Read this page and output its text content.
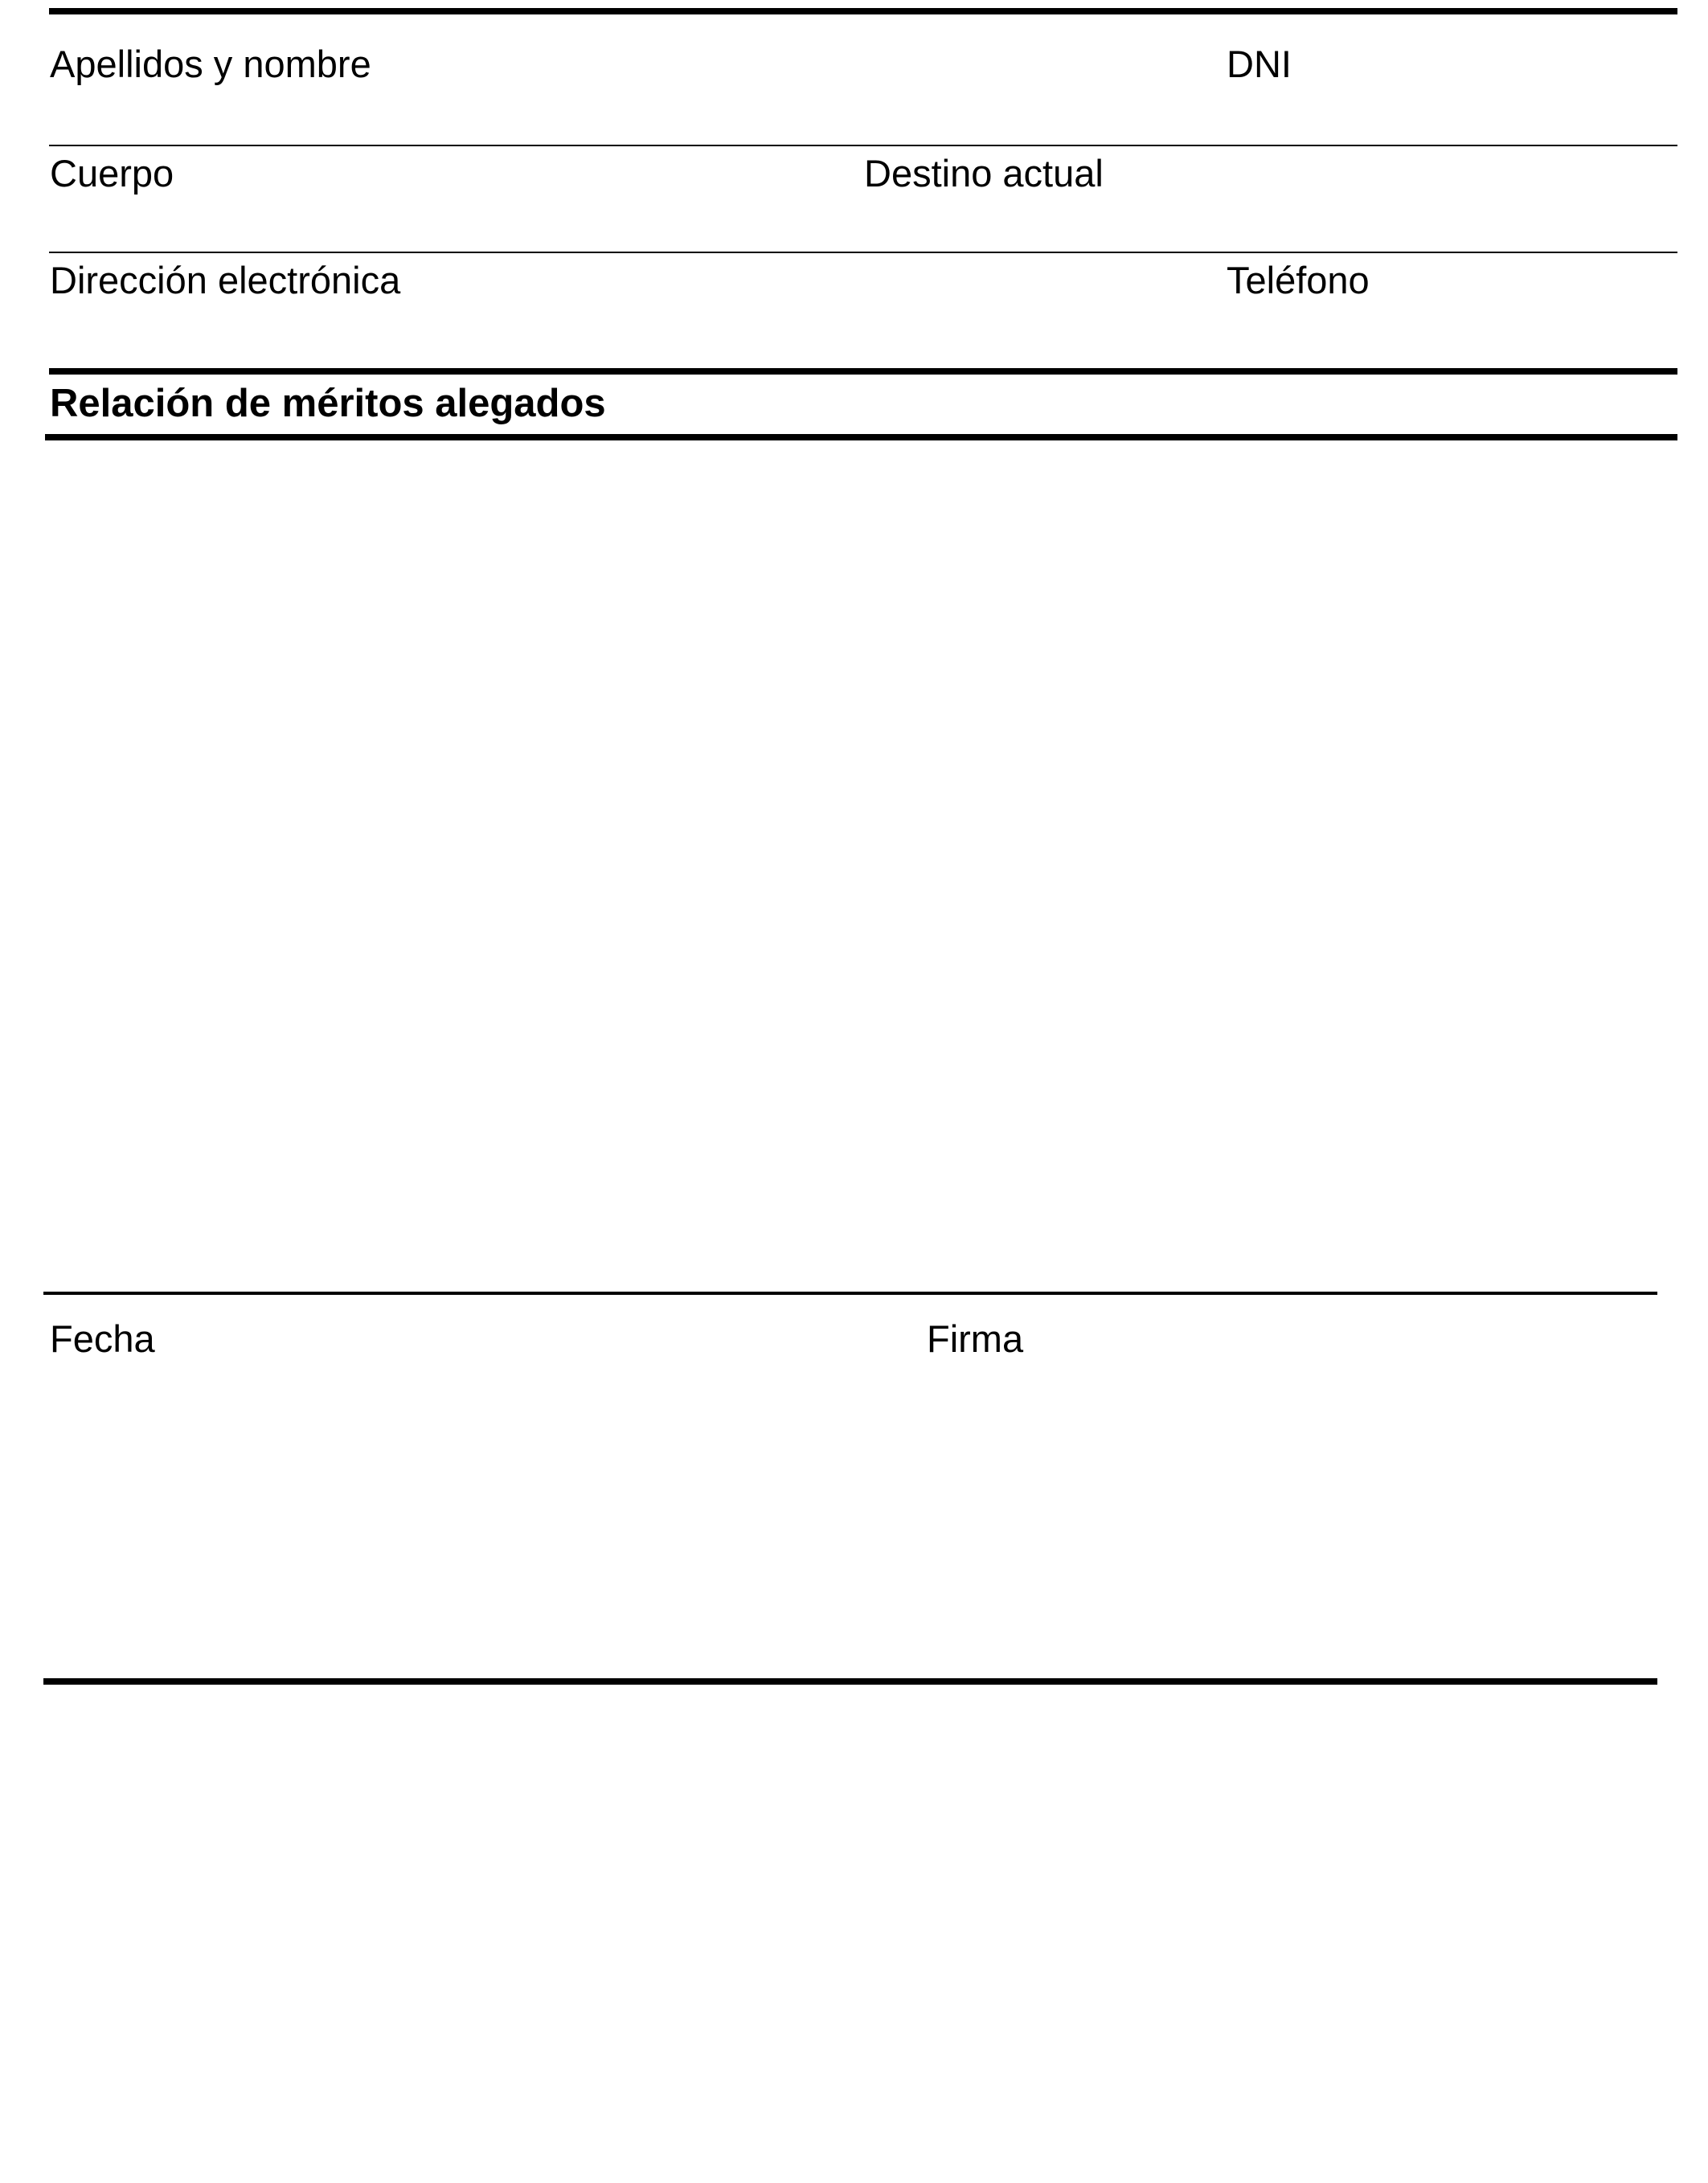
Apellidos y nombre	DNI
Cuerpo	Destino actual
Dirección electrónica	Teléfono
Relación de méritos alegados
Fecha	Firma
